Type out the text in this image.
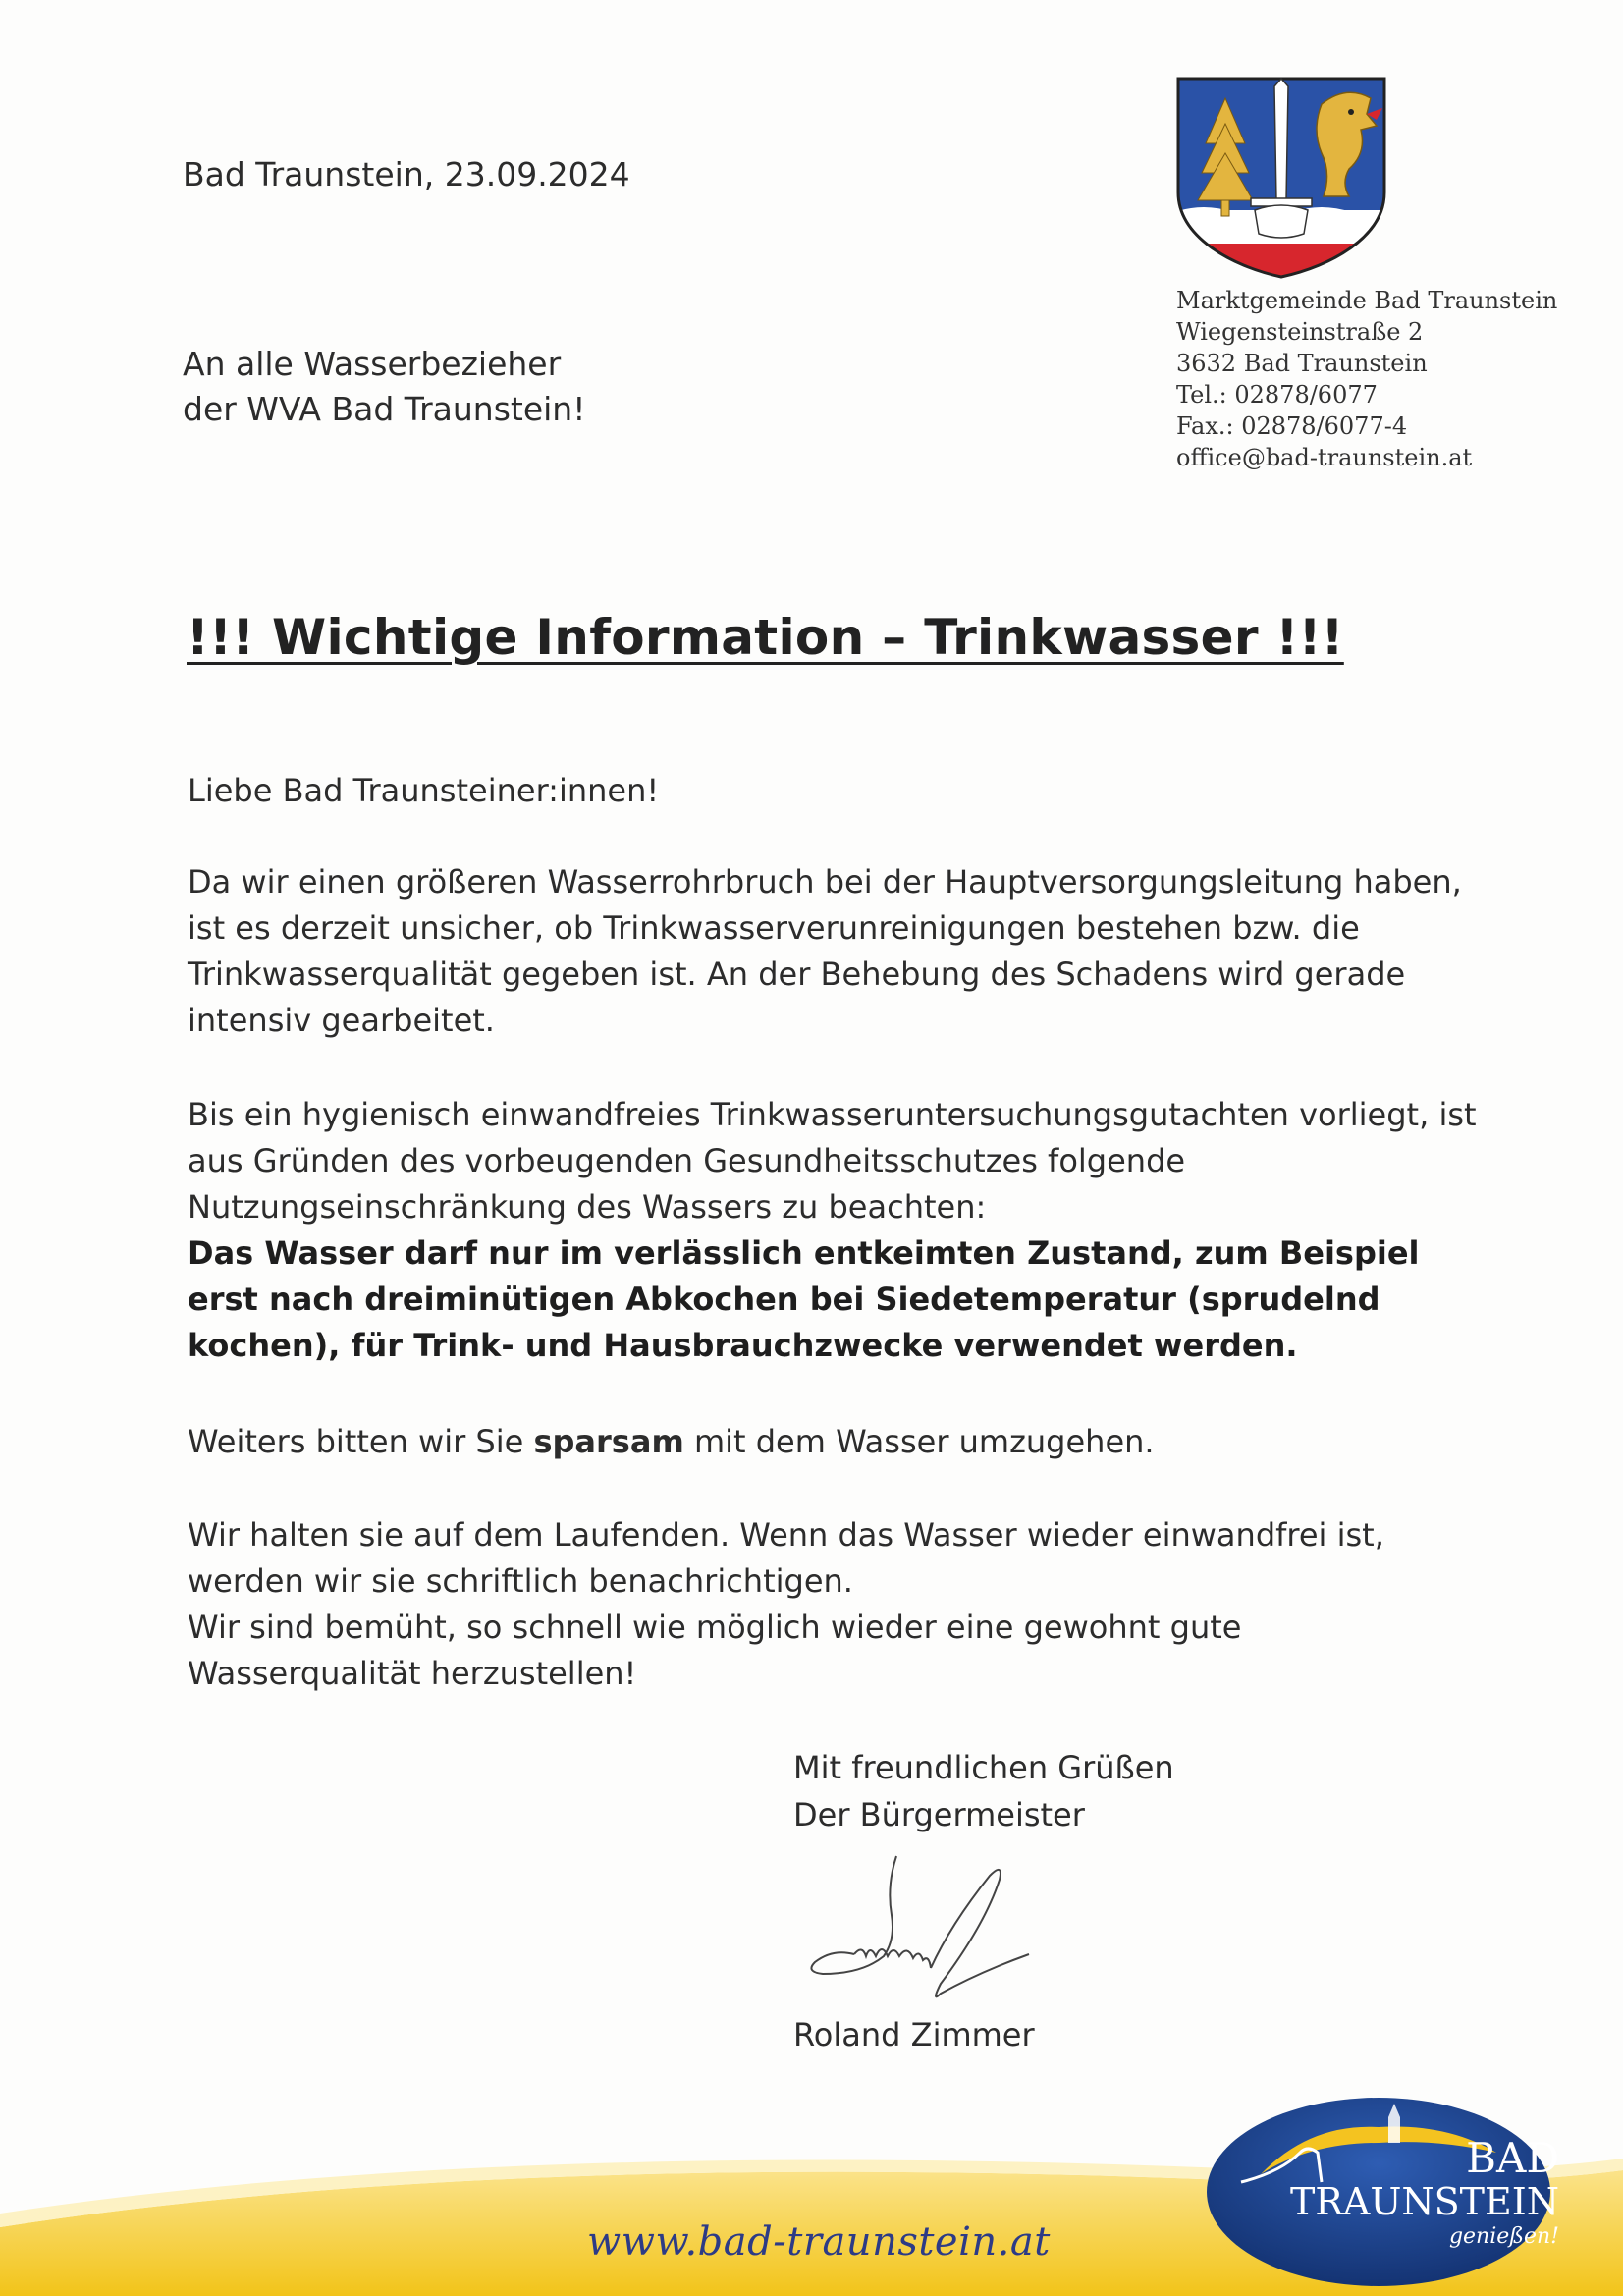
Bad Traunstein, 23.09.2024
An alle Wasserbezieher
der WVA Bad Traunstein!
Marktgemeinde Bad Traunstein
Wiegensteinstraße 2
3632 Bad Traunstein
Tel.: 02878/6077
Fax.: 02878/6077-4
office@bad-traunstein.at
!!! Wichtige Information – Trinkwasser !!!
Liebe Bad Traunsteiner:innen!

Da wir einen größeren Wasserrohrbruch bei der Hauptversorgungsleitung haben, ist es derzeit unsicher, ob Trinkwasserverunreinigungen bestehen bzw. die Trinkwasserqualität gegeben ist. An der Behebung des Schadens wird gerade intensiv gearbeitet.

Bis ein hygienisch einwandfreies Trinkwasseruntersuchungsgutachten vorliegt, ist aus Gründen des vorbeugenden Gesundheitsschutzes folgende Nutzungseinschränkung des Wassers zu beachten:

Das Wasser darf nur im verlässlich entkeimten Zustand, zum Beispiel erst nach dreiminütigen Abkochen bei Siedetemperatur (sprudelnd kochen), für Trink- und Hausbrauchzwecke verwendet werden.

Weiters bitten wir Sie sparsam mit dem Wasser umzugehen.

Wir halten sie auf dem Laufenden. Wenn das Wasser wieder einwandfrei ist, werden wir sie schriftlich benachrichtigen.

Wir sind bemüht, so schnell wie möglich wieder eine gewohnt gute Wasserqualität herzustellen!

Mit freundlichen Grüßen
Der Bürgermeister
Roland Zimmer
www.bad-traunstein.at
BAD
TRAUNSTEIN
genießen!
